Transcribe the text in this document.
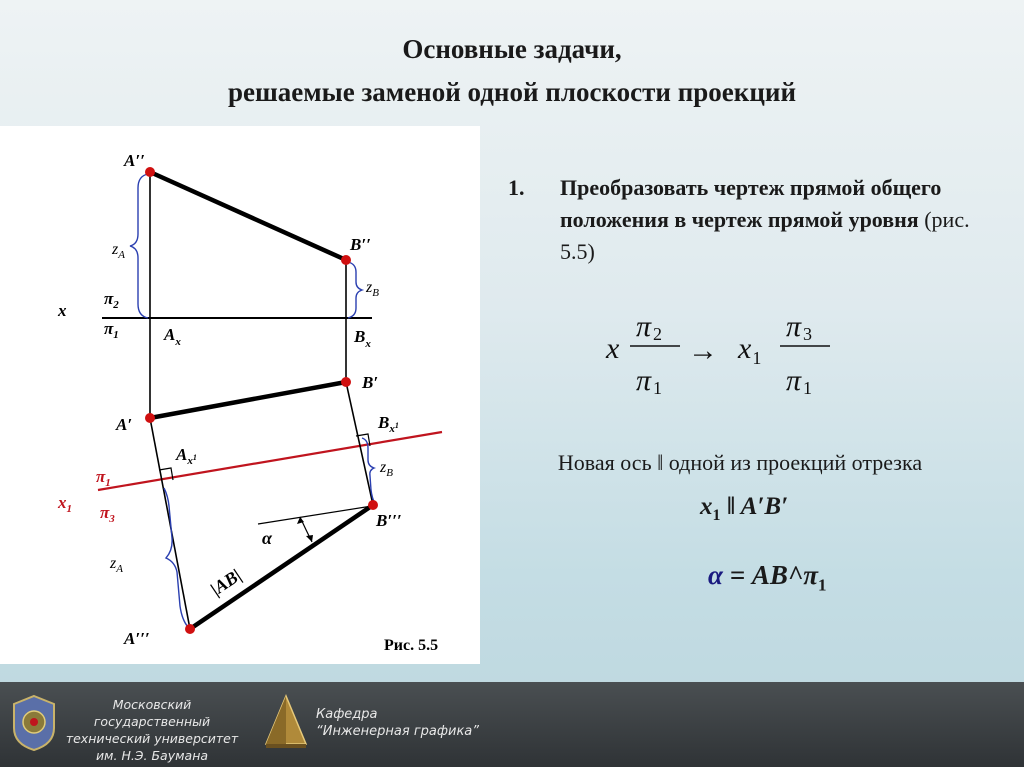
Основные задачи,
решаемые заменой одной плоскости проекций
A′′
B′′
$z_A$
$z_B$
x
$\pi_2$
$\pi_1$	$A_x$	$B_x$
B′
A′	$B_x^1$
$A_x^1$
$z_B$
$\pi_1$
$x_1$ $\pi_3$
α
B′′′
$z_A$	|AB|
A′′′	Рис. 5.5
1. Преобразовать чертеж прямой общего положения в чертеж прямой уровня (рис. 5.5)
x
π 2
π 1
→ $x_1$
π 3
π 1
Новая ось ‖ одной из проекций отрезка
$x_1$ ‖ A′B′
$\alpha = AB\^{}\pi_1$
Московский государственный
технический университет
им. Н.Э. Баумана
Кафедра
“Инженерная графика”
